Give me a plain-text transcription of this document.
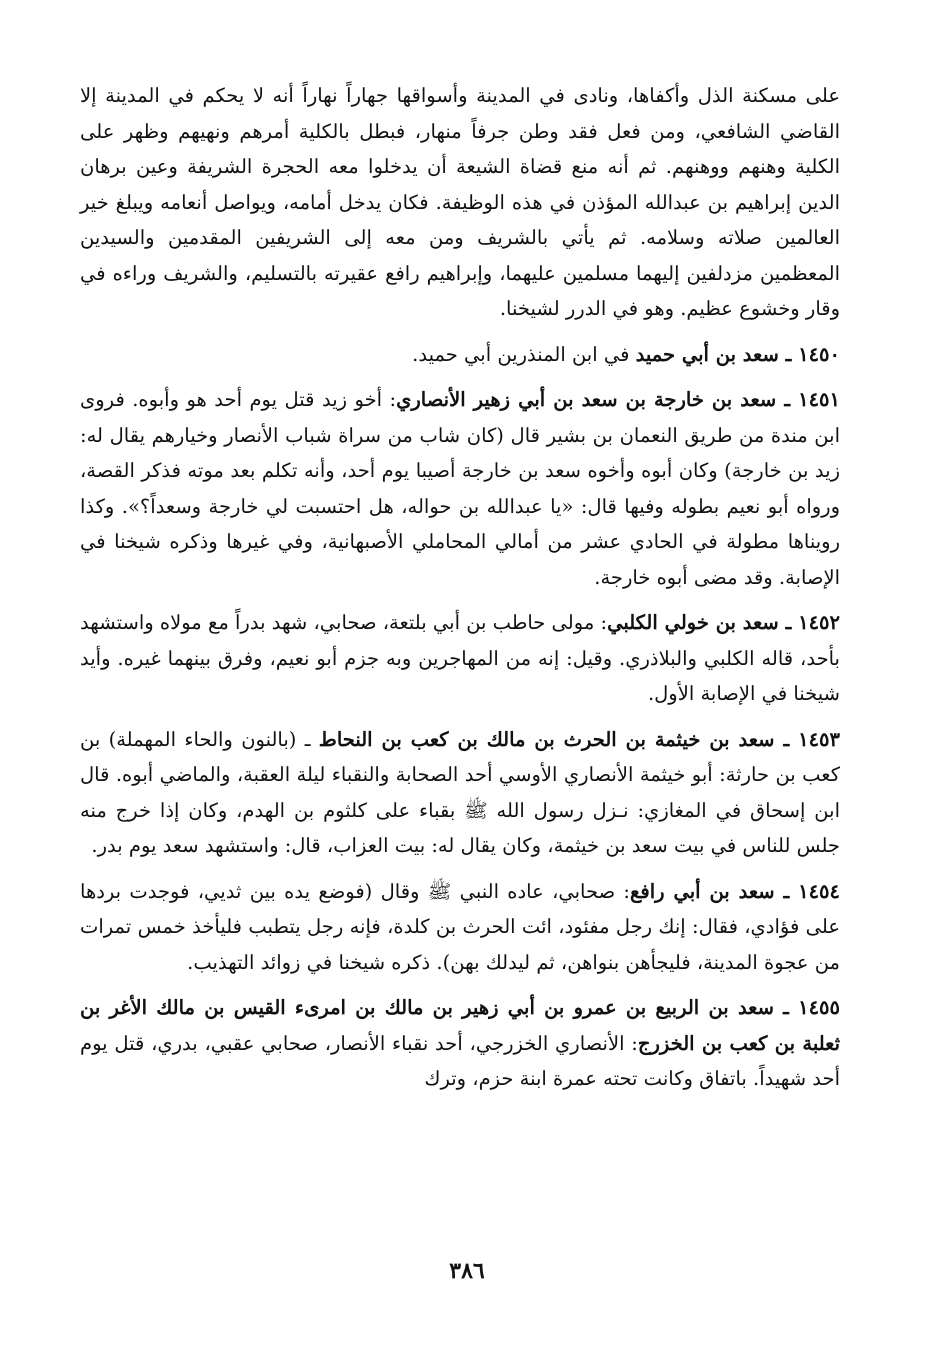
على مسكنة الذل وأكفاها، ونادى في المدينة وأسواقها جهاراً نهاراً أنه لا يحكم في المدينة إلا القاضي الشافعي، ومن فعل فقد وطن جرفاً منهار، فبطل بالكلية أمرهم ونهيهم وظهر على الكلية وهنهم ووهنهم. ثم أنه منع قضاة الشيعة أن يدخلوا معه الحجرة الشريفة وعين برهان الدين إبراهيم بن عبدالله المؤذن في هذه الوظيفة. فكان يدخل أمامه، ويواصل أنعامه ويبلغ خير العالمين صلاته وسلامه. ثم يأتي بالشريف ومن معه إلى الشريفين المقدمين والسيدين المعظمين مزدلفين إليهما مسلمين عليهما، وإبراهيم رافع عقيرته بالتسليم، والشريف وراءه في وقار وخشوع عظيم. وهو في الدرر لشيخنا.

١٤٥٠ ـ سعد بن أبي حميد في ابن المنذرين أبي حميد.

١٤٥١ ـ سعد بن خارجة بن سعد بن أبي زهير الأنصاري: أخو زيد قتل يوم أحد هو وأبوه. فروى ابن مندة من طريق النعمان بن بشير قال (كان شاب من سراة شباب الأنصار وخيارهم يقال له: زيد بن خارجة) وكان أبوه وأخوه سعد بن خارجة أصيبا يوم أحد، وأنه تكلم بعد موته فذكر القصة، ورواه أبو نعيم بطوله وفيها قال: «يا عبدالله بن حواله، هل احتسبت لي خارجة وسعداً؟». وكذا رويناها مطولة في الحادي عشر من أمالي المحاملي الأصبهانية، وفي غيرها وذكره شيخنا في الإصابة. وقد مضى أبوه خارجة.

١٤٥٢ ـ سعد بن خولي الكلبي: مولى حاطب بن أبي بلتعة، صحابي، شهد بدراً مع مولاه واستشهد بأحد، قاله الكلبي والبلاذري. وقيل: إنه من المهاجرين وبه جزم أبو نعيم، وفرق بينهما غيره. وأيد شيخنا في الإصابة الأول.

١٤٥٣ ـ سعد بن خيثمة بن الحرث بن مالك بن كعب بن النحاط ـ (بالنون والحاء المهملة) بن كعب بن حارثة: أبو خيثمة الأنصاري الأوسي أحد الصحابة والنقباء ليلة العقبة، والماضي أبوه. قال ابن إسحاق في المغازي: نـزل رسول الله ﷺ بقباء على كلثوم بن الهدم، وكان إذا خرج منه جلس للناس في بيت سعد بن خيثمة، وكان يقال له: بيت العزاب، قال: واستشهد سعد يوم بدر.

١٤٥٤ ـ سعد بن أبي رافع: صحابي، عاده النبي ﷺ وقال (فوضع يده بين ثديي، فوجدت بردها على فؤادي، فقال: إنك رجل مفئود، ائت الحرث بن كلدة، فإنه رجل يتطبب فليأخذ خمس تمرات من عجوة المدينة، فليجأهن بنواهن، ثم ليدلك بهن). ذكره شيخنا في زوائد التهذيب.

١٤٥٥ ـ سعد بن الربيع بن عمرو بن أبي زهير بن مالك بن امرىء القيس بن مالك الأغر بن ثعلبة بن كعب بن الخزرج: الأنصاري الخزرجي، أحد نقباء الأنصار، صحابي عقبي، بدري، قتل يوم أحد شهيداً. باتفاق وكانت تحته عمرة ابنة حزم، وترك

٣٨٦
